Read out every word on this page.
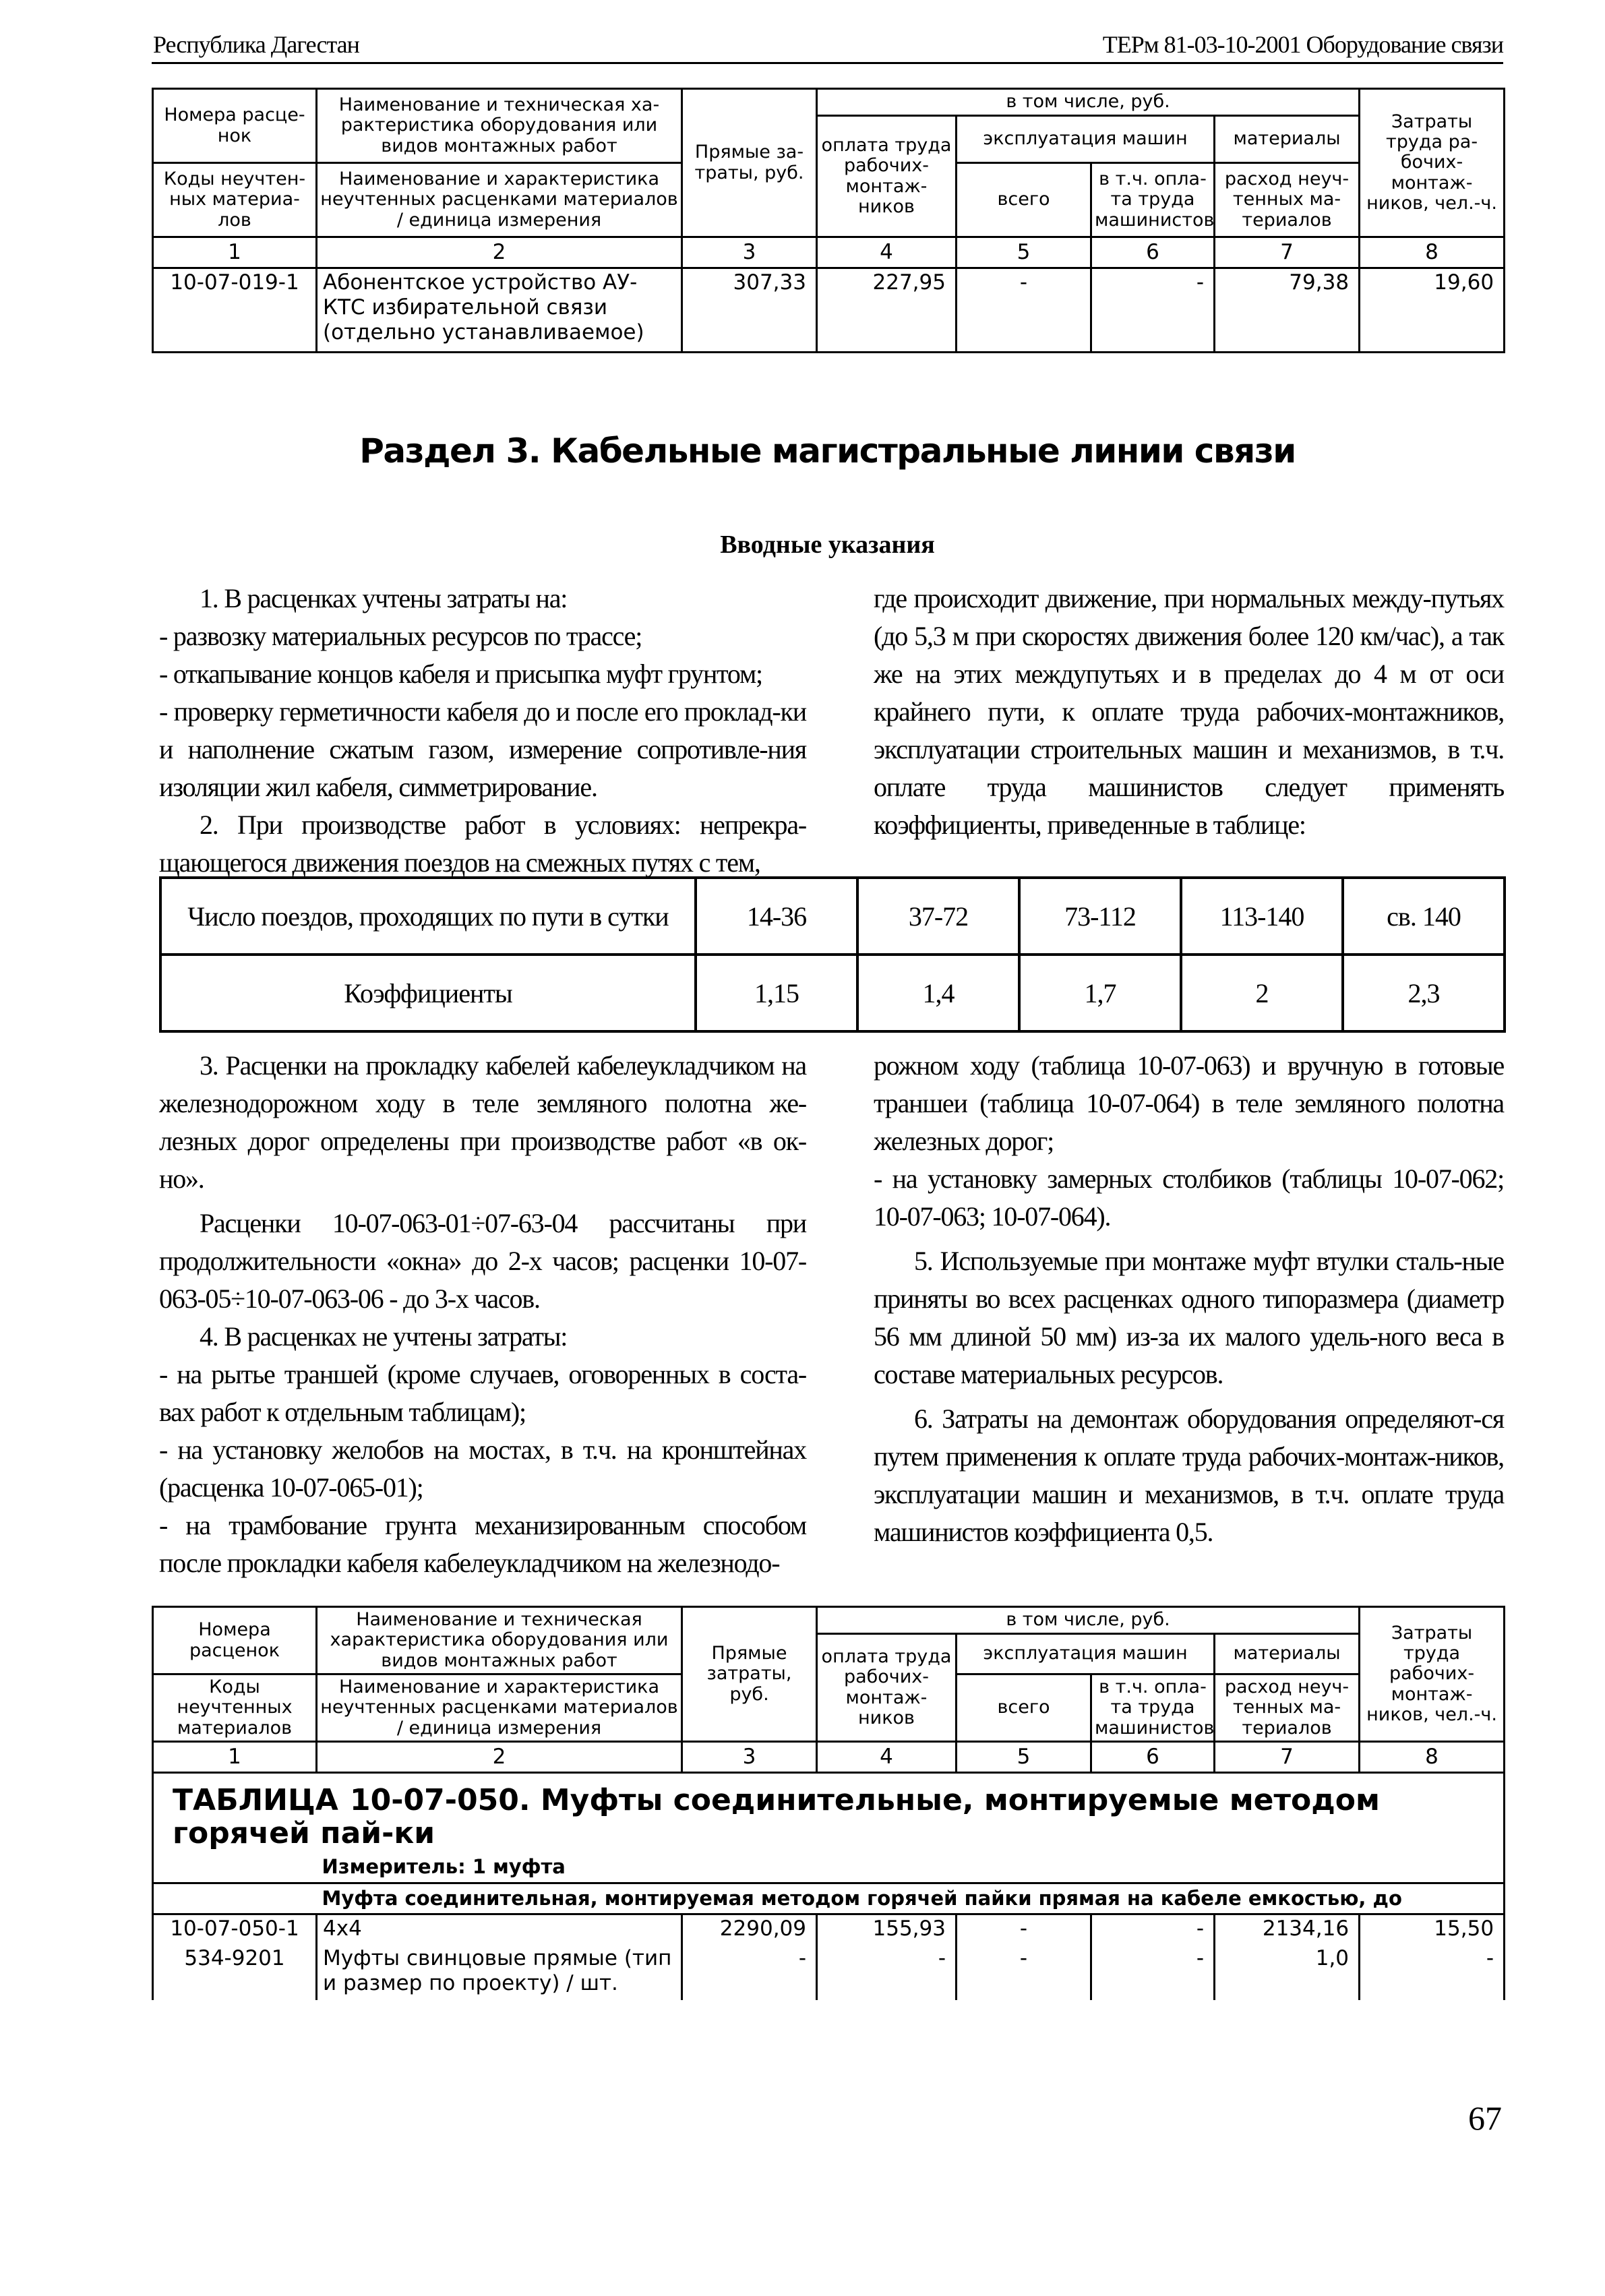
Республика Дагестан	ТЕРм 81-03-10-2001 Оборудование связи
Номера расце-нок	Наименование и техническая ха-рактеристика оборудования или видов монтажных работ	Прямые за-траты, руб.	в том числе, руб.				Затраты труда ра-бочих-монтаж-ников, чел.-ч.
			оплата труда рабочих-монтаж-ников	эксплуатация машин		материалы	
Коды неучтен-ных материа-лов	Наименование и характеристика неучтенных расценками материалов / единица измерения			всего	в т.ч. опла-та труда машинистов	расход неуч-тенных ма-териалов	

1	2	3	4	5	6	7	8
10-07-019-1	Абонентское устройство АУ-КТС избирательной связи (отдельно устанавливаемое)	307,33	227,95	-	-	79,38	19,60
Раздел 3. Кабельные магистральные линии связи
Вводные указания

1. В расценках учтены затраты на:

- развозку материальных ресурсов по трассе;

- откапывание концов кабеля и присыпка муфт грунтом;

- проверку герметичности кабеля до и после его проклад-ки и наполнение сжатым газом, измерение сопротивле-ния изоляции жил кабеля, симметрирование.

2. При производстве работ в условиях: непрекра-щающегося движения поездов на смежных путях с тем,

где происходит движение, при нормальных между-путьях (до 5,3 м при скоростях движения более 120 км/час), а так же на этих междупутьях и в пределах до 4 м от оси крайнего пути, к оплате труда рабочих-монтажников, эксплуатации строительных машин и механизмов, в т.ч. оплате труда машинистов следует применять коэффициенты, приведенные в таблице:

Число поездов, проходящих по пути в сутки	14-36	37-72	73-112	113-140	св. 140
Коэффициенты	1,15	1,4	1,7	2	2,3

3. Расценки на прокладку кабелей кабелеукладчиком на железнодорожном ходу в теле земляного полотна же-лезных дорог определены при производстве работ «в ок-но».

Расценки 10-07-063-01÷07-63-04 рассчитаны при продолжительности «окна» до 2-х часов; расценки 10-07-063-05÷10-07-063-06 - до 3-х часов.

4. В расценках не учтены затраты:

- на рытье траншей (кроме случаев, оговоренных в соста-вах работ к отдельным таблицам);

- на установку желобов на мостах, в т.ч. на кронштейнах (расценка 10-07-065-01);

- на трамбование грунта механизированным способом после прокладки кабеля кабелеукладчиком на железнодо-

рожном ходу (таблица 10-07-063) и вручную в готовые траншеи (таблица 10-07-064) в теле земляного полотна железных дорог;

- на установку замерных столбиков (таблицы 10-07-062; 10-07-063; 10-07-064).

5. Используемые при монтаже муфт втулки сталь-ные приняты во всех расценках одного типоразмера (диаметр 56 мм длиной 50 мм) из-за их малого удель-ного веса в составе материальных ресурсов.

6. Затраты на демонтаж оборудования определяют-ся путем применения к оплате труда рабочих-монтаж-ников, эксплуатации машин и механизмов, в т.ч. оплате труда машинистов коэффициента 0,5.

Номера расценок	Наименование и техническая характеристика оборудования или видов монтажных работ	Прямые затраты, руб.	в том числе, руб.				Затраты труда рабочих-монтаж-ников, чел.-ч.
			оплата труда рабочих-монтаж-ников	эксплуатация машин		материалы	
Коды неучтенных материалов	Наименование и характеристика неучтенных расценками материалов / единица измерения			всего	в т.ч. опла-та труда машинистов	расход неуч-тенных ма-териалов	

1	2	3	4	5	6	7	8
ТАБЛИЦА 10-07-050. Муфты соединительные, монтируемые методом горячей пай-ки							
	Измеритель: 1 муфта						

	Муфта соединительная, монтируемая методом горячей пайки прямая на кабеле емкостью, до						

10-07-050-1	4х4	2290,09	155,93	-	-	2134,16	15,50
534-9201	Муфты свинцовые прямые (тип и размер по проекту) / шт.	-	-	-	-	1,0	-
67
